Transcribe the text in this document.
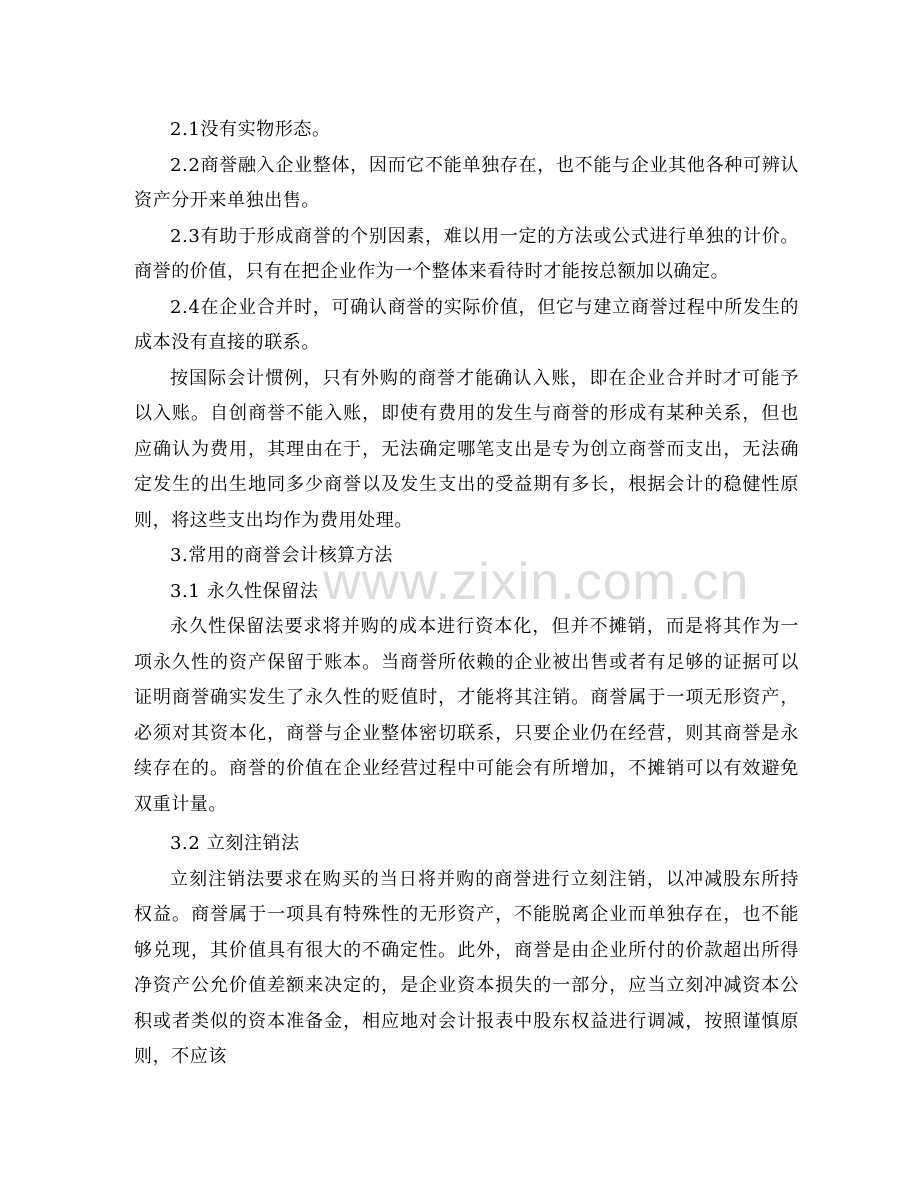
www.zixin.com.cn

2.1没有实物形态。

2.2商誉融入企业整体，因而它不能单独存在，也不能与企业其他各种可辨认资产分开来单独出售。

2.3有助于形成商誉的个别因素，难以用一定的方法或公式进行单独的计价。商誉的价值，只有在把企业作为一个整体来看待时才能按总额加以确定。

2.4在企业合并时，可确认商誉的实际价值，但它与建立商誉过程中所发生的成本没有直接的联系。

按国际会计惯例，只有外购的商誉才能确认入账，即在企业合并时才可能予以入账。自创商誉不能入账，即使有费用的发生与商誉的形成有某种关系，但也应确认为费用，其理由在于，无法确定哪笔支出是专为创立商誉而支出，无法确定发生的出生地同多少商誉以及发生支出的受益期有多长，根据会计的稳健性原则，将这些支出均作为费用处理。

3.常用的商誉会计核算方法

3.1 永久性保留法

永久性保留法要求将并购的成本进行资本化，但并不摊销，而是将其作为一项永久性的资产保留于账本。当商誉所依赖的企业被出售或者有足够的证据可以证明商誉确实发生了永久性的贬值时，才能将其注销。商誉属于一项无形资产，必须对其资本化，商誉与企业整体密切联系，只要企业仍在经营，则其商誉是永续存在的。商誉的价值在企业经营过程中可能会有所增加，不摊销可以有效避免双重计量。

3.2 立刻注销法

立刻注销法要求在购买的当日将并购的商誉进行立刻注销，以冲减股东所持权益。商誉属于一项具有特殊性的无形资产，不能脱离企业而单独存在，也不能够兑现，其价值具有很大的不确定性。此外，商誉是由企业所付的价款超出所得净资产公允价值差额来决定的，是企业资本损失的一部分，应当立刻冲减资本公积或者类似的资本准备金，相应地对会计报表中股东权益进行调减，按照谨慎原则，不应该
